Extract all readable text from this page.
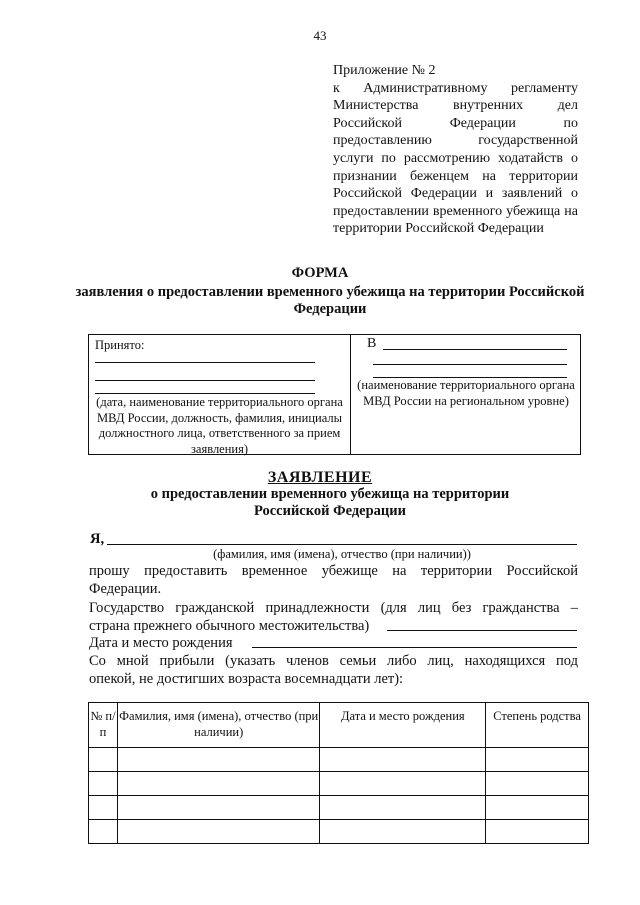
43
Приложение № 2
к Административному регламенту Министерства внутренних дел Российской Федерации по предоставлению государственной услуги по рассмотрению ходатайств о признании беженцем на территории Российской Федерации и заявлений о предоставлении временного убежища на территории Российской Федерации
ФОРМА
заявления о предоставлении временного убежища на территории Российской Федерации
Принято:
(дата, наименование территориального органа МВД России, должность, фамилия, инициалы должностного лица, ответственного за прием заявления)
В
(наименование территориального органа МВД России на региональном уровне)
ЗАЯВЛЕНИЕ
о предоставлении временного убежища на территории Российской Федерации
Я,
(фамилия, имя (имена), отчество (при наличии))
прошу предоставить временное убежище на территории Российской
Федерации.
Государство гражданской принадлежности (для лиц без гражданства –
страна прежнего обычного местожительства)
Дата и место рождения
Со мной прибыли (указать членов семьи либо лиц, находящихся под
опекой, не достигших возраста восемнадцати лет):
№ п/п	Фамилия, имя (имена), отчество (при наличии)	Дата и место рождения	Степень родства
